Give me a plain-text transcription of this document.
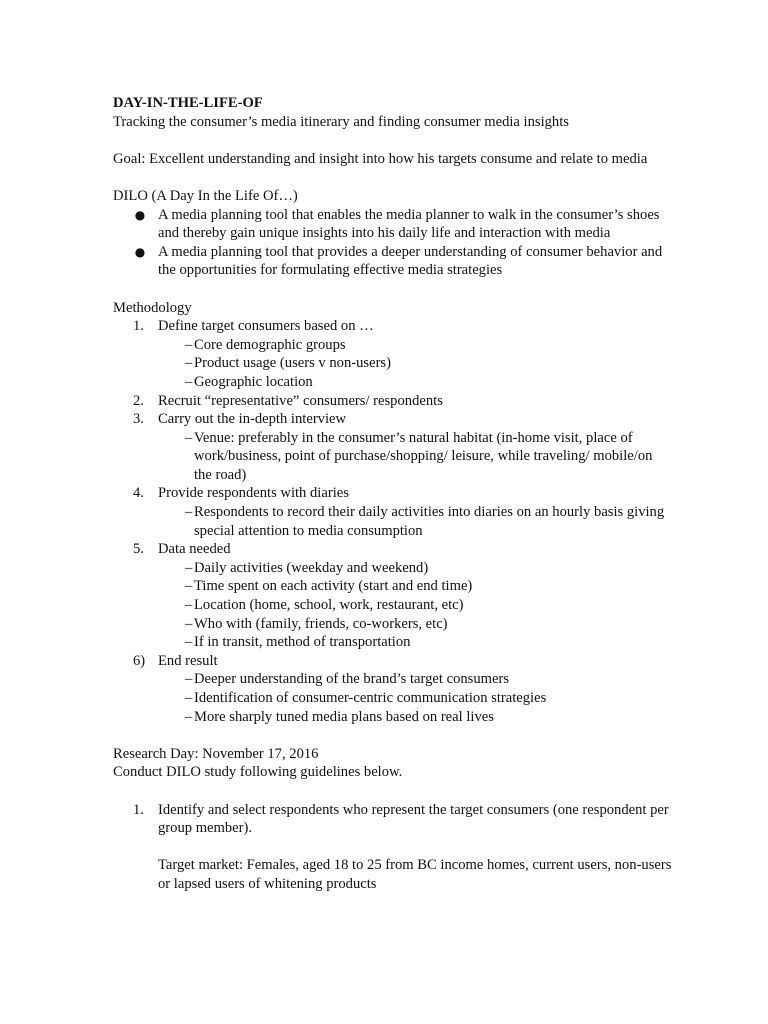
DAY-IN-THE-LIFE-OF

Tracking the consumer’s media itinerary and finding consumer media insights

Goal: Excellent understanding and insight into how his targets consume and relate to media

DILO (A Day In the Life Of…)

● A media planning tool that enables the media planner to walk in the consumer’s shoes and thereby gain unique insights into his daily life and interaction with media
● A media planning tool that provides a deeper understanding of consumer behavior and the opportunities for formulating effective media strategies

Methodology

1. Define target consumers based on …
– Core demographic groups
– Product usage (users v non-users)
– Geographic location
2. Recruit “representative” consumers/ respondents
3. Carry out the in-depth interview
– Venue: preferably in the consumer’s natural habitat (in-home visit, place of work/business, point of purchase/shopping/ leisure, while traveling/ mobile/on the road)
4. Provide respondents with diaries
– Respondents to record their daily activities into diaries on an hourly basis giving special attention to media consumption
5. Data needed
– Daily activities (weekday and weekend)
– Time spent on each activity (start and end time)
– Location (home, school, work, restaurant, etc)
– Who with (family, friends, co-workers, etc)
– If in transit, method of transportation
6) End result
– Deeper understanding of the brand’s target consumers
– Identification of consumer-centric communication strategies
– More sharply tuned media plans based on real lives

Research Day: November 17, 2016

Conduct DILO study following guidelines below.

1. Identify and select respondents who represent the target consumers (one respondent per group member).

Target market: Females, aged 18 to 25 from BC income homes, current users, non-users or lapsed users of whitening products
